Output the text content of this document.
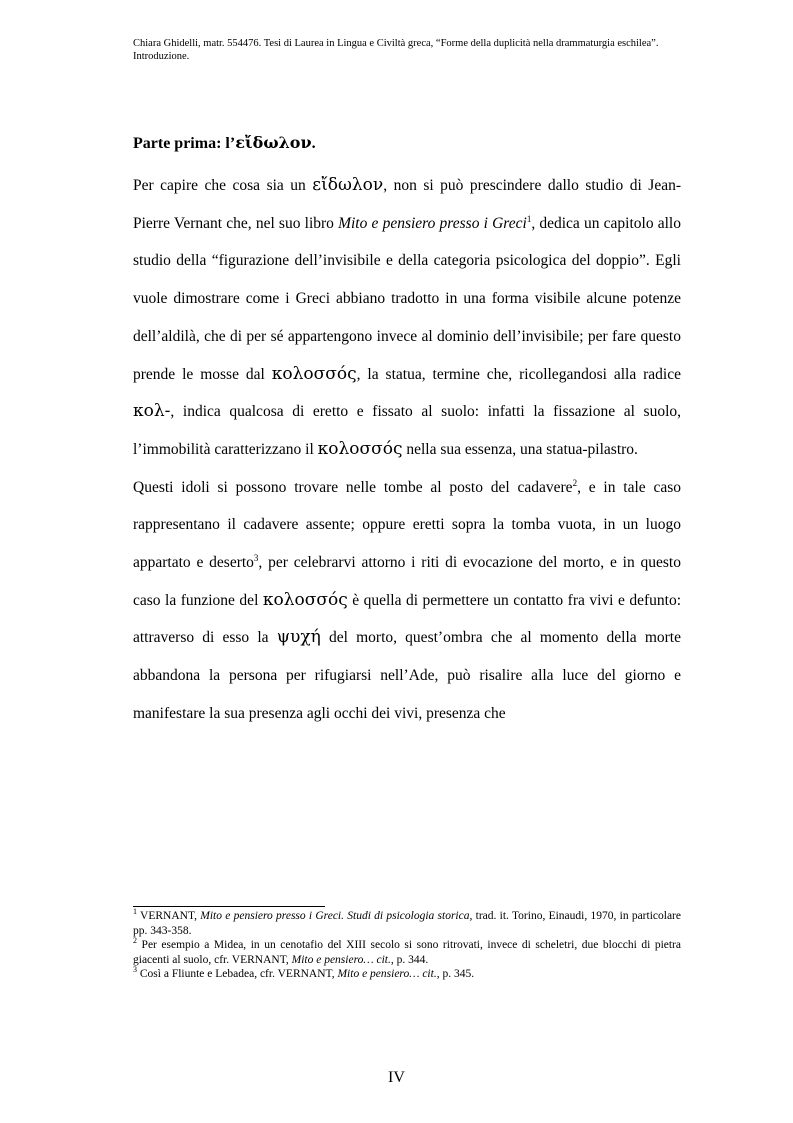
Chiara Ghidelli, matr. 554476. Tesi di Laurea in Lingua e Civiltà greca, “Forme della duplicità nella drammaturgia eschilea”.
Introduzione.
Parte prima: l’εἴδωλον.

Per capire che cosa sia un εἴδωλον, non si può prescindere dallo studio di Jean-Pierre Vernant che, nel suo libro Mito e pensiero presso i Greci$^1$, dedica un capitolo allo studio della “figurazione dell’invisibile e della categoria psicologica del doppio”. Egli vuole dimostrare come i Greci abbiano tradotto in una forma visibile alcune potenze dell’aldilà, che di per sé appartengono invece al dominio dell’invisibile; per fare questo prende le mosse dal κολοσσός, la statua, termine che, ricollegandosi alla radice κολ-, indica qualcosa di eretto e fissato al suolo: infatti la fissazione al suolo, l’immobilità caratterizzano il κολοσσός nella sua essenza, una statua-pilastro.

Questi idoli si possono trovare nelle tombe al posto del cadavere$^2$, e in tale caso rappresentano il cadavere assente; oppure eretti sopra la tomba vuota, in un luogo appartato e deserto$^3$, per celebrarvi attorno i riti di evocazione del morto, e in questo caso la funzione del κολοσσός è quella di permettere un contatto fra vivi e defunto: attraverso di esso la ψυχή del morto, quest’ombra che al momento della morte abbandona la persona per rifugiarsi nell’Ade, può risalire alla luce del giorno e manifestare la sua presenza agli occhi dei vivi, presenza che

$^1$ VERNANT, Mito e pensiero presso i Greci. Studi di psicologia storica, trad. it. Torino, Einaudi, 1970, in particolare pp. 343-358.

$^2$ Per esempio a Midea, in un cenotafio del XIII secolo si sono ritrovati, invece di scheletri, due blocchi di pietra giacenti al suolo, cfr. VERNANT, Mito e pensiero… cit., p. 344.

$^3$ Così a Fliunte e Lebadea, cfr. VERNANT, Mito e pensiero… cit., p. 345.

IV
